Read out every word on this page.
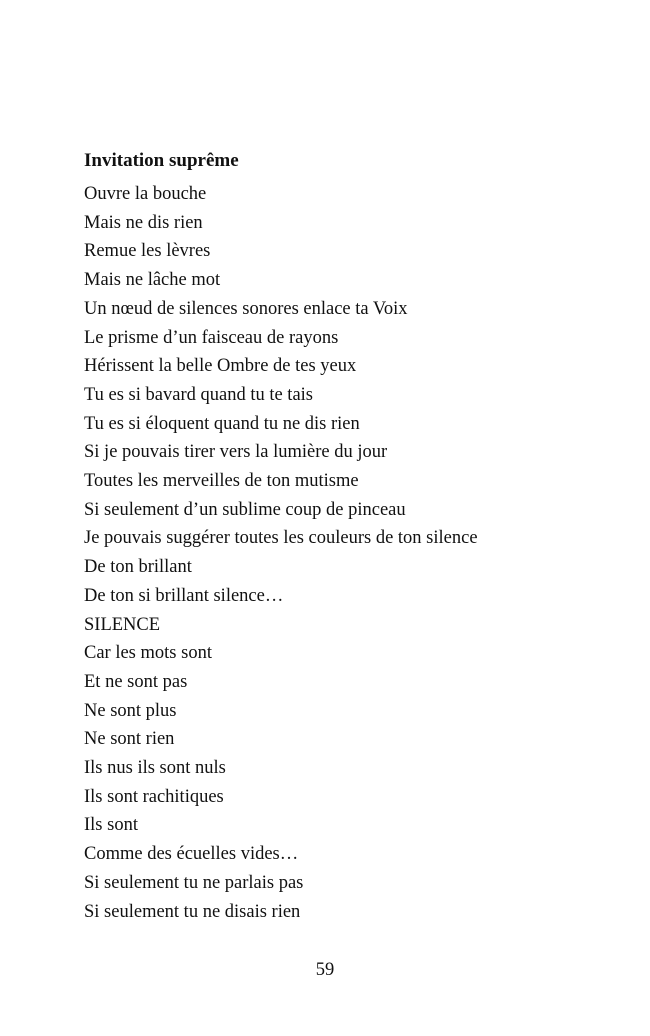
Invitation suprême
Ouvre la bouche
Mais ne dis rien
Remue les lèvres
Mais ne lâche mot
Un nœud de silences sonores enlace ta Voix
Le prisme d’un faisceau de rayons
Hérissent la belle Ombre de tes yeux
Tu es si bavard quand tu te tais
Tu es si éloquent quand tu ne dis rien
Si je pouvais tirer vers la lumière du jour
Toutes les merveilles de ton mutisme
Si seulement d’un sublime coup de pinceau
Je pouvais suggérer toutes les couleurs de ton silence
De ton brillant
De ton si brillant silence…
SILENCE
Car les mots sont
Et ne sont pas
Ne sont plus
Ne sont rien
Ils nus ils sont nuls
Ils sont rachitiques
Ils sont
Comme des écuelles vides…
Si seulement tu ne parlais pas
Si seulement tu ne disais rien
59
